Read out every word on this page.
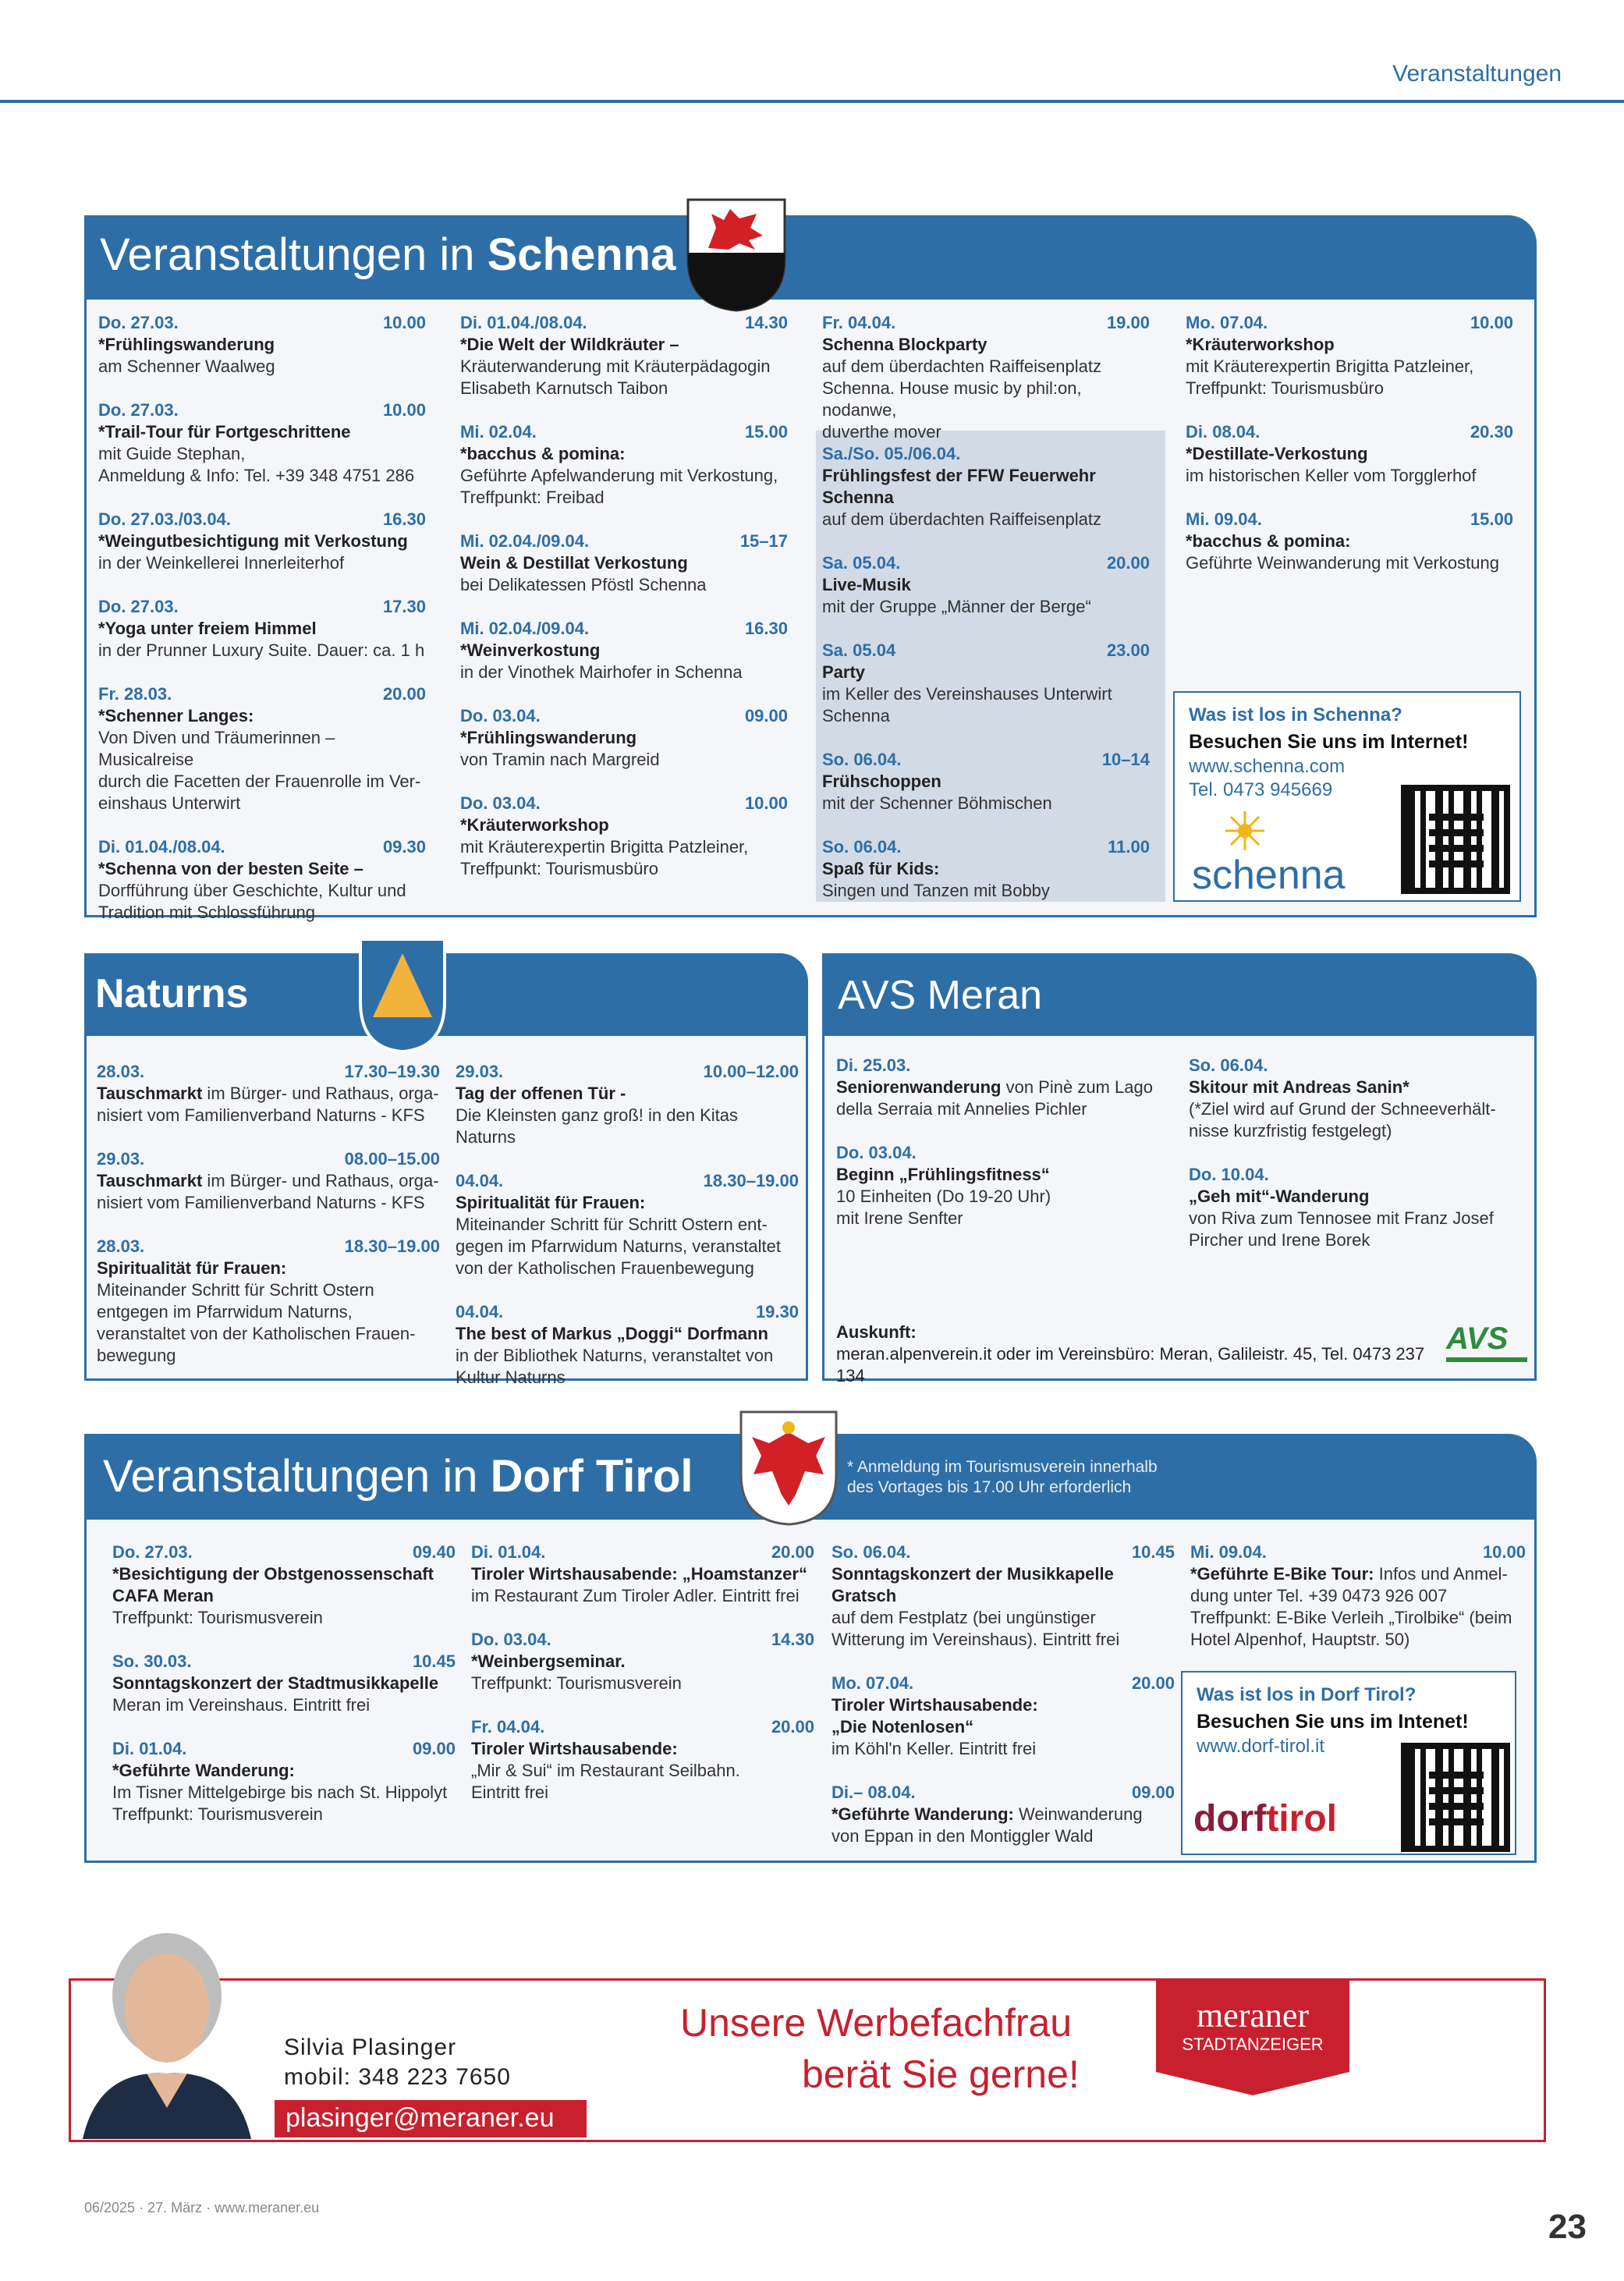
Veranstaltungen
Veranstaltungen in Schenna
Do. 27.03.	10.00
*Frühlingswanderung
am Schenner Waalweg
Do. 27.03.	10.00
*Trail-Tour für Fortgeschrittene
mit Guide Stephan,
Anmeldung & Info: Tel. +39 348 4751 286
Do. 27.03./03.04.	16.30
*Weingutbesichtigung mit Verkostung
in der Weinkellerei Innerleiterhof
Do. 27.03.	17.30
*Yoga unter freiem Himmel
in der Prunner Luxury Suite. Dauer: ca. 1 h
Fr. 28.03.	20.00
*Schenner Langes:
Von Diven und Träumerinnen – Musicalreise
durch die Facetten der Frauenrolle im Ver-
einshaus Unterwirt
Di. 01.04./08.04.	09.30
*Schenna von der besten Seite –
Dorfführung über Geschichte, Kultur und
Tradition mit Schlossführung
Di. 01.04./08.04.	14.30
*Die Welt der Wildkräuter –
Kräuterwanderung mit Kräuterpädagogin
Elisabeth Karnutsch Taibon
Mi. 02.04.	15.00
*bacchus & pomina:
Geführte Apfelwanderung mit Verkostung,
Treffpunkt: Freibad
Mi. 02.04./09.04.	15–17
Wein & Destillat Verkostung
bei Delikatessen Pföstl Schenna
Mi. 02.04./09.04.	16.30
*Weinverkostung
in der Vinothek Mairhofer in Schenna
Do. 03.04.	09.00
*Frühlingswanderung
von Tramin nach Margreid
Do. 03.04.	10.00
*Kräuterworkshop
mit Kräuterexpertin Brigitta Patzleiner,
Treffpunkt: Tourismusbüro
Fr. 04.04.	19.00
Schenna Blockparty
auf dem überdachten Raiffeisenplatz
Schenna. House music by phil:on, nodanwe,
duverthe mover
Sa./So. 05./06.04.
Frühlingsfest der FFW Feuerwehr
Schenna
auf dem überdachten Raiffeisenplatz
Sa. 05.04.	20.00
Live-Musik
mit der Gruppe „Männer der Berge“
Sa. 05.04	23.00
Party
im Keller des Vereinshauses Unterwirt
Schenna
So. 06.04.	10–14
Frühschoppen
mit der Schenner Böhmischen
So. 06.04.	11.00
Spaß für Kids:
Singen und Tanzen mit Bobby
Mo. 07.04.	10.00
*Kräuterworkshop
mit Kräuterexpertin Brigitta Patzleiner,
Treffpunkt: Tourismusbüro
Di. 08.04.	20.30
*Destillate-Verkostung
im historischen Keller vom Torgglerhof
Mi. 09.04.	15.00
*bacchus & pomina:
Geführte Weinwanderung mit Verkostung
Was ist los in Schenna?
Besuchen Sie uns im Internet!
www.schenna.com
Tel. 0473 945669
schenna
Naturns
28.03.	17.30–19.30
Tauschmarkt im Bürger- und Rathaus, orga-
nisiert vom Familienverband Naturns - KFS
29.03.	08.00–15.00
Tauschmarkt im Bürger- und Rathaus, orga-
nisiert vom Familienverband Naturns - KFS
28.03.	18.30–19.00
Spiritualität für Frauen:
Miteinander Schritt für Schritt Ostern
entgegen im Pfarrwidum Naturns,
veranstaltet von der Katholischen Frauen-
bewegung
29.03.	10.00–12.00
Tag der offenen Tür -
Die Kleinsten ganz groß! in den Kitas Naturns
04.04.	18.30–19.00
Spiritualität für Frauen:
Miteinander Schritt für Schritt Ostern ent-
gegen im Pfarrwidum Naturns, veranstaltet
von der Katholischen Frauenbewegung
04.04.	19.30
The best of Markus „Doggi“ Dorfmann
in der Bibliothek Naturns, veranstaltet von
Kultur Naturns
AVS Meran
Di. 25.03.
Seniorenwanderung von Pinè zum Lago
della Serraia mit Annelies Pichler
Do. 03.04.
Beginn „Frühlingsfitness“
10 Einheiten (Do 19-20 Uhr)
mit Irene Senfter
So. 06.04.
Skitour mit Andreas Sanin*
(*Ziel wird auf Grund der Schneeverhält-
nisse kurzfristig festgelegt)
Do. 10.04.
„Geh mit“-Wanderung
von Riva zum Tennosee mit Franz Josef
Pircher und Irene Borek
Auskunft:
meran.alpenverein.it oder im Vereinsbüro: Meran, Galileistr. 45, Tel. 0473 237 134
AVS
Veranstaltungen in Dorf Tirol	* Anmeldung im Tourismusverein innerhalb
des Vortages bis 17.00 Uhr erforderlich
Do. 27.03.	09.40
*Besichtigung der Obstgenossenschaft
CAFA Meran
Treffpunkt: Tourismusverein
So. 30.03.	10.45
Sonntagskonzert der Stadtmusikkapelle Meran im Vereinshaus. Eintritt frei
Di. 01.04.	09.00
*Geführte Wanderung:
Im Tisner Mittelgebirge bis nach St. Hippolyt
Treffpunkt: Tourismusverein
Di. 01.04.	20.00
Tiroler Wirtshausabende: „Hoamstanzer“
im Restaurant Zum Tiroler Adler. Eintritt frei
Do. 03.04.	14.30
*Weinbergseminar.
Treffpunkt: Tourismusverein
Fr. 04.04.	20.00
Tiroler Wirtshausabende:
„Mir & Sui“ im Restaurant Seilbahn.
Eintritt frei
So. 06.04.	10.45
Sonntagskonzert der Musikkapelle
Gratsch
auf dem Festplatz (bei ungünstiger
Witterung im Vereinshaus). Eintritt frei
Mo. 07.04.	20.00
Tiroler Wirtshausabende:
„Die Notenlosen“
im Köhl'n Keller. Eintritt frei
Di.– 08.04.	09.00
*Geführte Wanderung: Weinwanderung
von Eppan in den Montiggler Wald
Mi. 09.04.	10.00
*Geführte E-Bike Tour: Infos und Anmel-
dung unter Tel. +39 0473 926 007
Treffpunkt: E-Bike Verleih „Tirolbike“ (beim
Hotel Alpenhof, Hauptstr. 50)
Was ist los in Dorf Tirol?
Besuchen Sie uns im Intenet!
www.dorf-tirol.it
dorftirol
Silvia Plasinger
mobil: 348 223 7650
plasinger@meraner.eu
Unsere Werbefachfrau
berät Sie gerne!
meraner
STADTANZEIGER
06/2025 · 27. März · www.meraner.eu	23
